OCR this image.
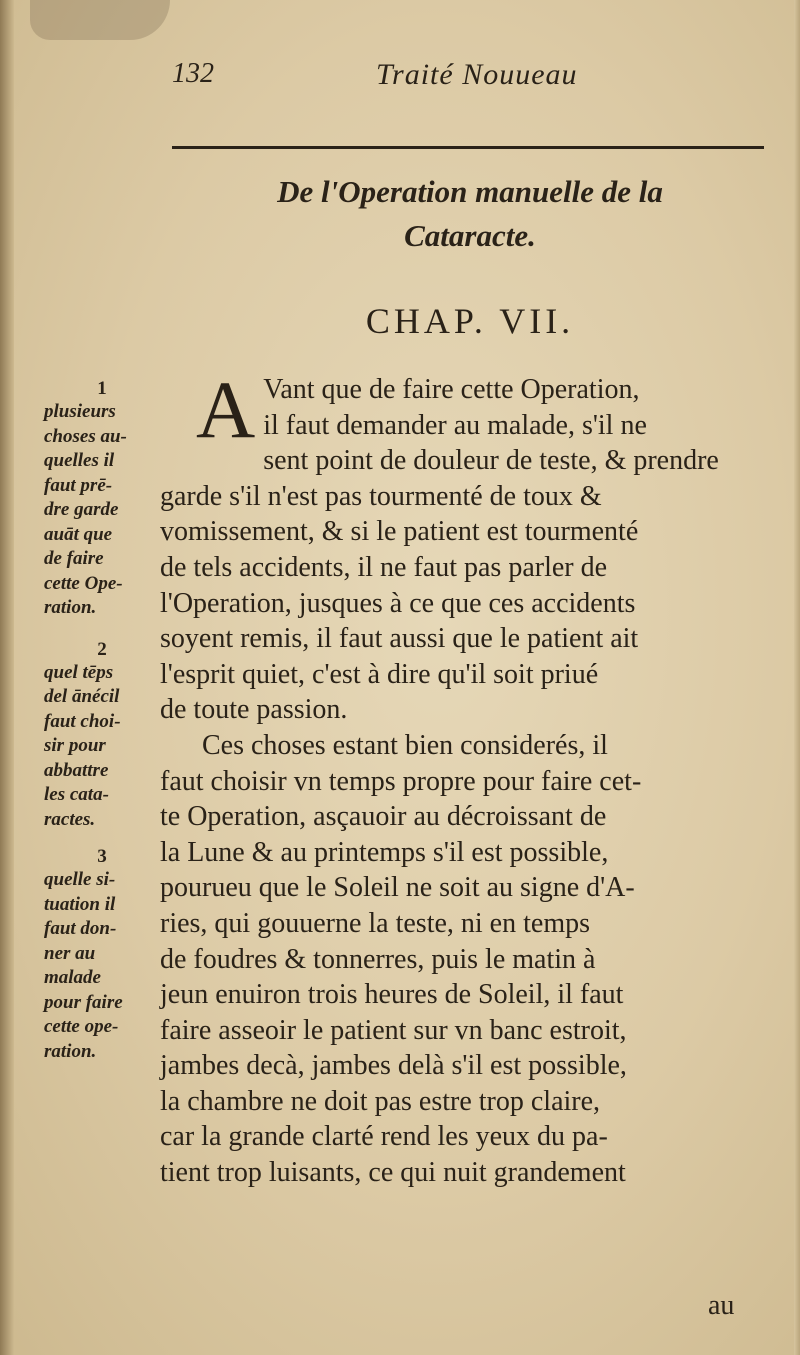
132	Traité Nouueau
De l'Operation manuelle de la
Cataracte.
CHAP. VII.
A Vant que de faire cette Operation,
il faut demander au malade, s'il ne
sent point de douleur de teste, & prendre
garde s'il n'est pas tourmenté de toux &
vomissement, & si le patient est tourmenté
de tels accidents, il ne faut pas parler de
l'Operation, jusques à ce que ces accidents
soyent remis, il faut aussi que le patient ait
l'esprit quiet, c'est à dire qu'il soit priué
de toute passion.
Ces choses estant bien considerés, il
faut choisir vn temps propre pour faire cet-
te Operation, asçauoir au décroissant de
la Lune & au printemps s'il est possible,
pourueu que le Soleil ne soit au signe d'A-
ries, qui gouuerne la teste, ni en temps
de foudres & tonnerres, puis le matin à
jeun enuiron trois heures de Soleil, il faut
faire asseoir le patient sur vn banc estroit,
jambes decà, jambes delà s'il est possible,
la chambre ne doit pas estre trop claire,
car la grande clarté rend les yeux du pa-
tient trop luisants, ce qui nuit grandement
1
plusieurs
choses au-
quelles il
faut prē-
dre garde
auāt que
de faire
cette Ope-
ration.
2
quel tēps
del ānécil
faut choi-
sir pour
abbattre
les cata-
ractes.
3
quelle si-
tuation il
faut don-
ner au
malade
pour faire
cette ope-
ration.
au
